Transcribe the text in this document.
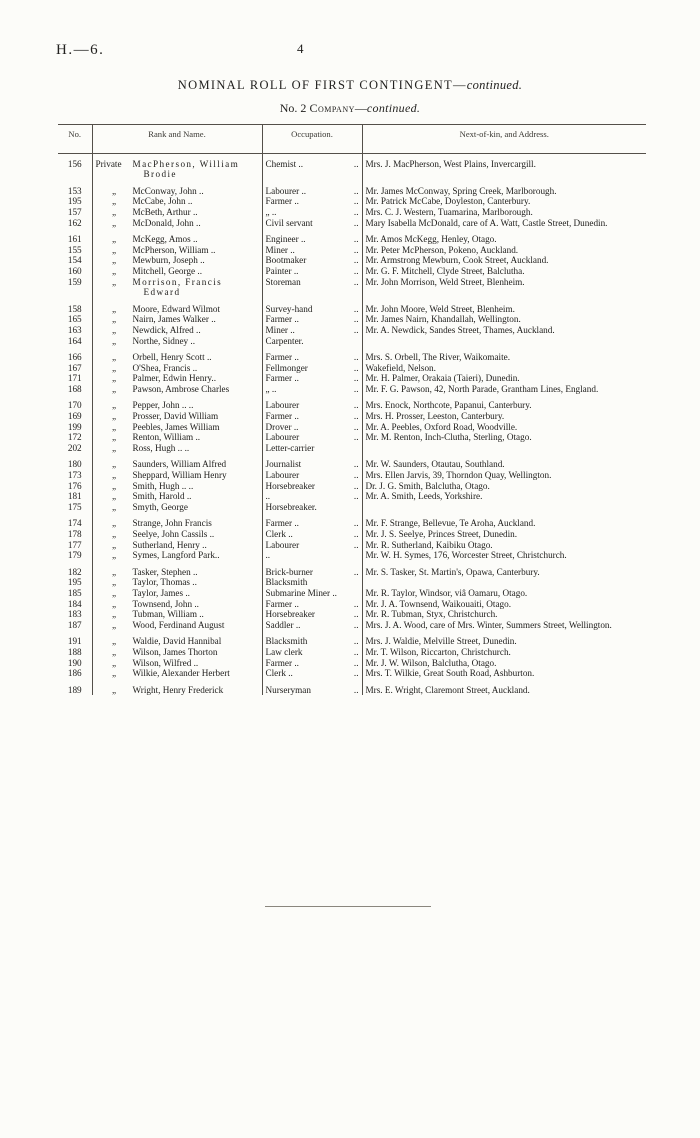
H.—6.	4
NOMINAL ROLL OF FIRST CONTINGENT—continued.
No. 2 Company—continued.
No.	Rank and Name.	Occupation.	Next-of-kin, and Address.
156	Private MacPherson, William Brodie	Chemist .. ..	Mrs. J. MacPherson, West Plains, Invercargill.

153	„ McConway, John ..	Labourer .. ..	Mr. James McConway, Spring Creek, Marlborough.

195	„ McCabe, John ..	Farmer .. ..	Mr. Patrick McCabe, Doyleston, Canterbury.

157	„ McBeth, Arthur ..	„ .. ..	Mrs. C. J. Western, Tuamarina, Marlborough.

162	„ McDonald, John ..	Civil servant ..	Mary Isabella McDonald, care of A. Watt, Castle Street, Dunedin.

161	„ McKegg, Amos ..	Engineer .. ..	Mr. Amos McKegg, Henley, Otago.

155	„ McPherson, William ..	Miner .. ..	Mr. Peter McPherson, Pokeno, Auckland.

154	„ Mewburn, Joseph ..	Bootmaker ..	Mr. Armstrong Mewburn, Cook Street, Auckland.

160	„ Mitchell, George ..	Painter .. ..	Mr. G. F. Mitchell, Clyde Street, Balclutha.

159	„ Morrison, Francis Edward	Storeman ..	Mr. John Morrison, Weld Street, Blenheim.

158	„ Moore, Edward Wilmot	Survey-hand ..	Mr. John Moore, Weld Street, Blenheim.

165	„ Nairn, James Walker ..	Farmer .. ..	Mr. James Nairn, Khandallah, Wellington.

163	„ Newdick, Alfred ..	Miner .. ..	Mr. A. Newdick, Sandes Street, Thames, Auckland.

164	„ Northe, Sidney ..	Carpenter.	

166	„ Orbell, Henry Scott ..	Farmer .. ..	Mrs. S. Orbell, The River, Waikomaite.

167	„ O'Shea, Francis ..	Fellmonger ..	Wakefield, Nelson.

171	„ Palmer, Edwin Henry..	Farmer .. ..	Mr. H. Palmer, Orakaia (Taieri), Dunedin.

168	„ Pawson, Ambrose Charles	„ .. ..	Mr. F. G. Pawson, 42, North Parade, Grantham Lines, England.

170	„ Pepper, John .. ..	Labourer ..	Mrs. Enock, Northcote, Papanui, Canterbury.

169	„ Prosser, David William	Farmer .. ..	Mrs. H. Prosser, Leeston, Canterbury.

199	„ Peebles, James William	Drover .. ..	Mr. A. Peebles, Oxford Road, Woodville.

172	„ Renton, William ..	Labourer ..	Mr. M. Renton, Inch-Clutha, Sterling, Otago.

202	„ Ross, Hugh .. ..	Letter-carrier	

180	„ Saunders, William Alfred	Journalist ..	Mr. W. Saunders, Otautau, Southland.

173	„ Sheppard, William Henry	Labourer ..	Mrs. Ellen Jarvis, 39, Thorndon Quay, Wellington.

176	„ Smith, Hugh .. ..	Horsebreaker ..	Dr. J. G. Smith, Balclutha, Otago.

181	„ Smith, Harold ..	.. ..	Mr. A. Smith, Leeds, Yorkshire.

175	„ Smyth, George	Horsebreaker.	

174	„ Strange, John Francis	Farmer .. ..	Mr. F. Strange, Bellevue, Te Aroha, Auckland.

178	„ Seelye, John Cassils ..	Clerk .. ..	Mr. J. S. Seelye, Princes Street, Dunedin.

177	„ Sutherland, Henry ..	Labourer ..	Mr. R. Sutherland, Kaibiku Otago.

179	„ Symes, Langford Park..	..	Mr. W. H. Symes, 176, Worcester Street, Christchurch.

182	„ Tasker, Stephen ..	Brick-burner ..	Mr. S. Tasker, St. Martin's, Opawa, Canterbury.

195	„ Taylor, Thomas ..	Blacksmith	

185	„ Taylor, James ..	Submarine Miner ..	Mr. R. Taylor, Windsor, viâ Oamaru, Otago.

184	„ Townsend, John ..	Farmer .. ..	Mr. J. A. Townsend, Waikouaiti, Otago.

183	„ Tubman, William ..	Horsebreaker ..	Mr. R. Tubman, Styx, Christchurch.

187	„ Wood, Ferdinand August	Saddler .. ..	Mrs. J. A. Wood, care of Mrs. Winter, Summers Street, Wellington.

191	„ Waldie, David Hannibal	Blacksmith ..	Mrs. J. Waldie, Melville Street, Dunedin.

188	„ Wilson, James Thorton	Law clerk ..	Mr. T. Wilson, Riccarton, Christchurch.

190	„ Wilson, Wilfred ..	Farmer .. ..	Mr. J. W. Wilson, Balclutha, Otago.

186	„ Wilkie, Alexander Herbert	Clerk .. ..	Mrs. T. Wilkie, Great South Road, Ashburton.

189	„ Wright, Henry Frederick	Nurseryman ..	Mrs. E. Wright, Claremont Street, Auckland.
